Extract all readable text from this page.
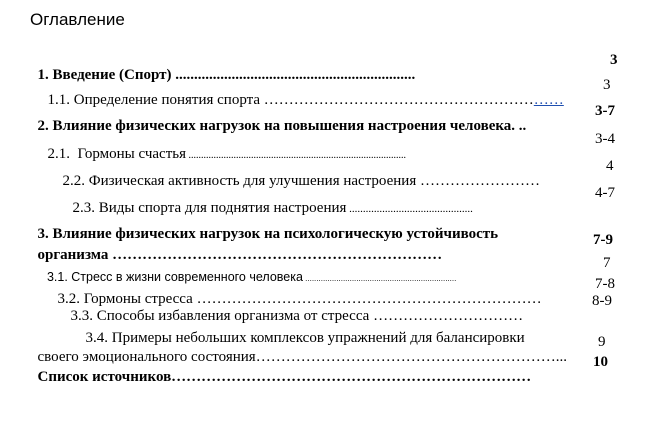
Оглавление

1. Введение (Спорт) ................................................................

3

1.1. Определение понятия спорта ……………………………………………………

3

2. Влияние физических нагрузок на повышения настроения человека. ..

3-7

2.1.  Гормоны счастья .......................................................................................

3-4

2.2. Физическая активность для улучшения настроения ……………………

4

2.3. Виды спорта для поднятия настроения .............................................

4-7

3. Влияние физических нагрузок на психологическую устойчивость

организма …………………………………………………………

7-9

3.1. Стресс в жизни современного человека ....................................................................

7

3.2. Гормоны стресса ……………………………………………………………

7-8

3.3. Способы избавления организма от стресса …………………………

8-9

3.4. Примеры небольших комплексов упражнений для балансировки

своего эмоционального состояния……………………………………………………...

9

Список источников………………………………………………………………

10
